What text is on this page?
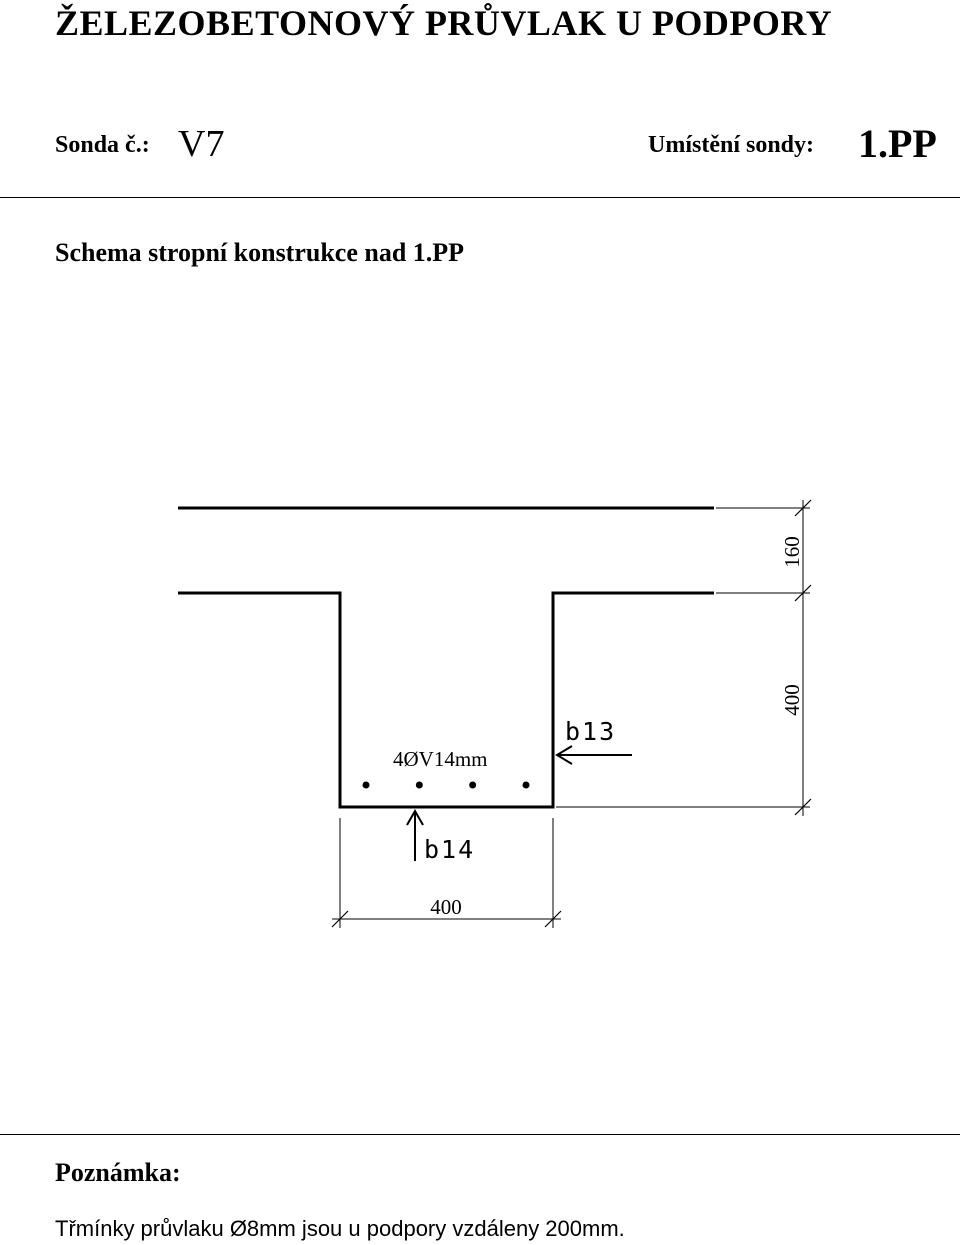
ŽELEZOBETONOVÝ PRŮVLAK U PODPORY
Sonda č.: V7	Umístění sondy: 1.PP
Schema stropní konstrukce nad 1.PP
4ØV14mm
b13
b14
160
400
400
Poznámka:
Třmínky průvlaku Ø8mm jsou u podpory vzdáleny 200mm.
